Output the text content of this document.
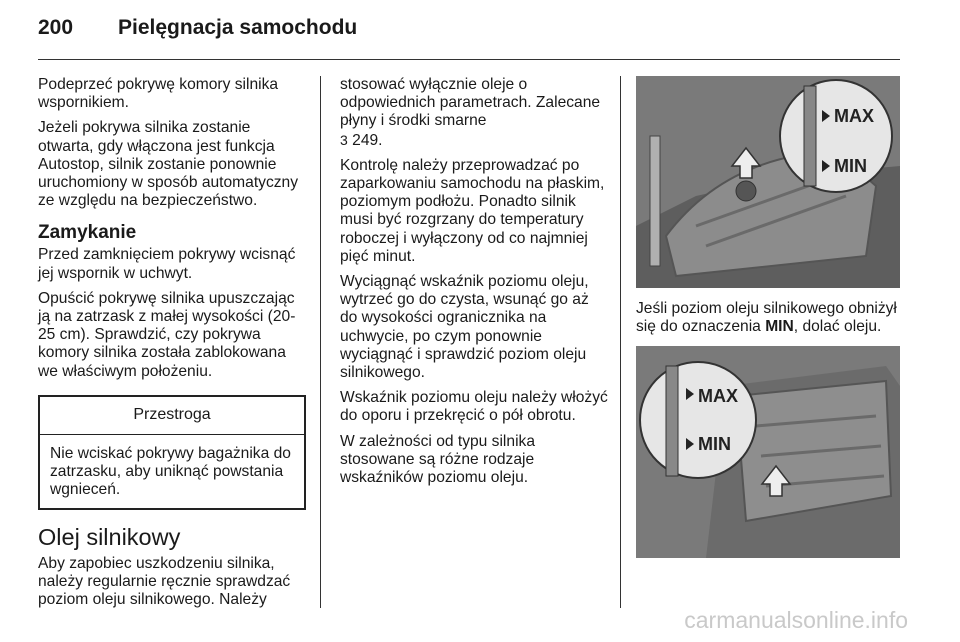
200	Pielęgnacja samochodu

Podeprzeć pokrywę komory silnika wspornikiem.

Jeżeli pokrywa silnika zostanie otwarta, gdy włączona jest funkcja Autostop, silnik zostanie ponownie uruchomiony w sposób automatyczny ze względu na bezpieczeństwo.

Zamykanie

Przed zamknięciem pokrywy wcisnąć jej wspornik w uchwyt.

Opuścić pokrywę silnika upuszczając ją na zatrzask z małej wysokości (20-25 cm). Sprawdzić, czy pokrywa komory silnika została zablokowana we właściwym położeniu.

Przestroga
Nie wciskać pokrywy bagażnika do zatrzasku, aby uniknąć powstania wgnieceń.
Olej silnikowy

Aby zapobiec uszkodzeniu silnika, należy regularnie ręcznie sprawdzać poziom oleju silnikowego. Należy

stosować wyłącznie oleje o odpowiednich parametrach. Zalecane płyny i środki smarne
3 249.

Kontrolę należy przeprowadzać po zaparkowaniu samochodu na płaskim, poziomym podłożu. Ponadto silnik musi być rozgrzany do temperatury roboczej i wyłączony od co najmniej pięć minut.

Wyciągnąć wskaźnik poziomu oleju, wytrzeć go do czysta, wsunąć go aż do wysokości ogranicznika na uchwycie, po czym ponownie wyciągnąć i sprawdzić poziom oleju silnikowego.

Wskaźnik poziomu oleju należy włożyć do oporu i przekręcić o pół obrotu.

W zależności od typu silnika stosowane są różne rodzaje wskaźników poziomu oleju.

MAX
MIN

Jeśli poziom oleju silnikowego obniżył się do oznaczenia MIN, dolać oleju.

MAX
MIN
carmanualsonline.info
